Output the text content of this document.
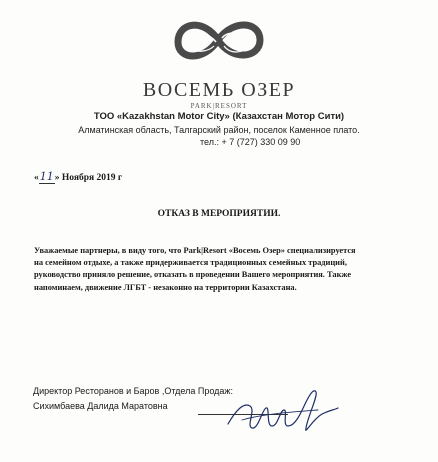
ВОСЕМЬ ОЗЕР
PARK|RESORT
ТОО «Kazakhstan Motor City» (Казахстан Мотор Сити)
Алматинская область, Талгарский район, поселок Каменное плато.
тел.: + 7 (727) 330 09 90
«11» Ноября 2019 г
ОТКАЗ В МЕРОПРИЯТИИ.

Уважаемые партнеры, в виду того, что Park|Resort «Восемь Озер» специализируется
на семейном отдыхе, а также придерживается традиционных семейных традиций,
руководство приняло решение, отказать в проведении Вашего мероприятия. Также
напоминаем, движение ЛГБТ - незаконно на территории Казахстана.

Директор Ресторанов и Баров ,Отдела Продаж:
Сихимбаева Далида Маратовна
